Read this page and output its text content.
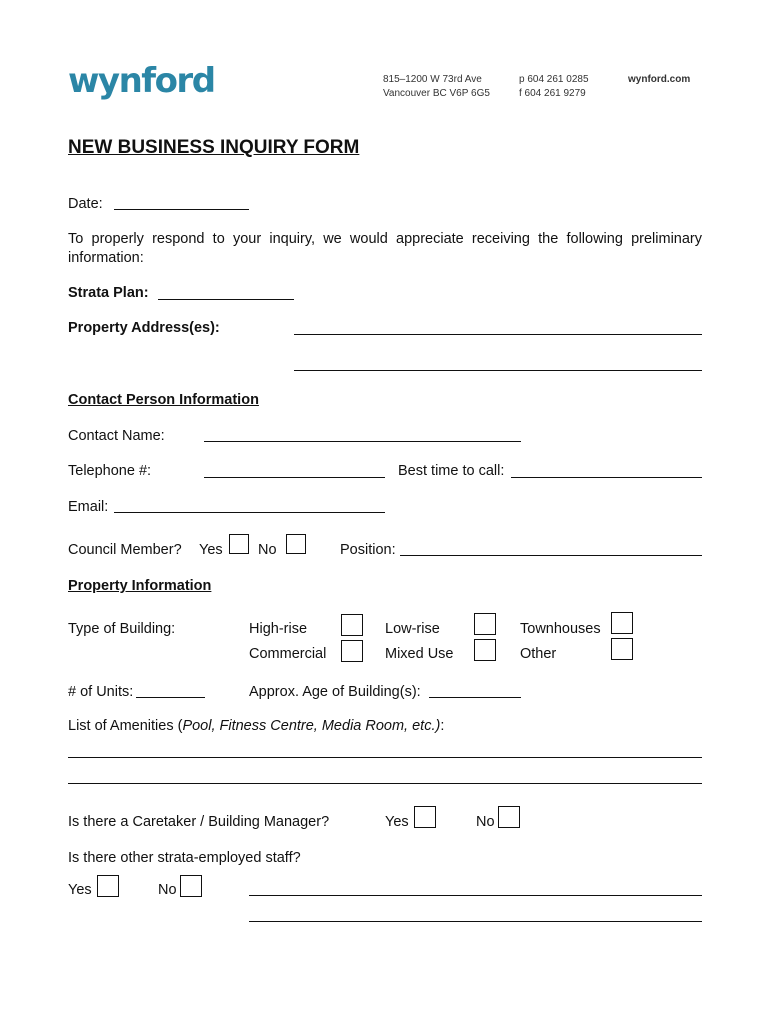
wynford	815–1200 W 73rd Ave
Vancouver BC V6P 6G5
p 604 261 0285
f 604 261 9279
wynford.com
NEW BUSINESS INQUIRY FORM
Date:
To properly respond to your inquiry, we would appreciate receiving the following preliminary information:
Strata Plan:
Property Address(es):
Contact Person Information
Contact Name:
Telephone #:	Best time to call:
Email:
Council Member? Yes No	Position:
Property Information
Type of Building:	High-rise	Low-rise	Townhouses
Commercial	Mixed Use	Other
# of Units:	Approx. Age of Building(s):
List of Amenities (Pool, Fitness Centre, Media Room, etc.):
Is there a Caretaker / Building Manager?	Yes	No
Is there other strata-employed staff?
Yes	No
